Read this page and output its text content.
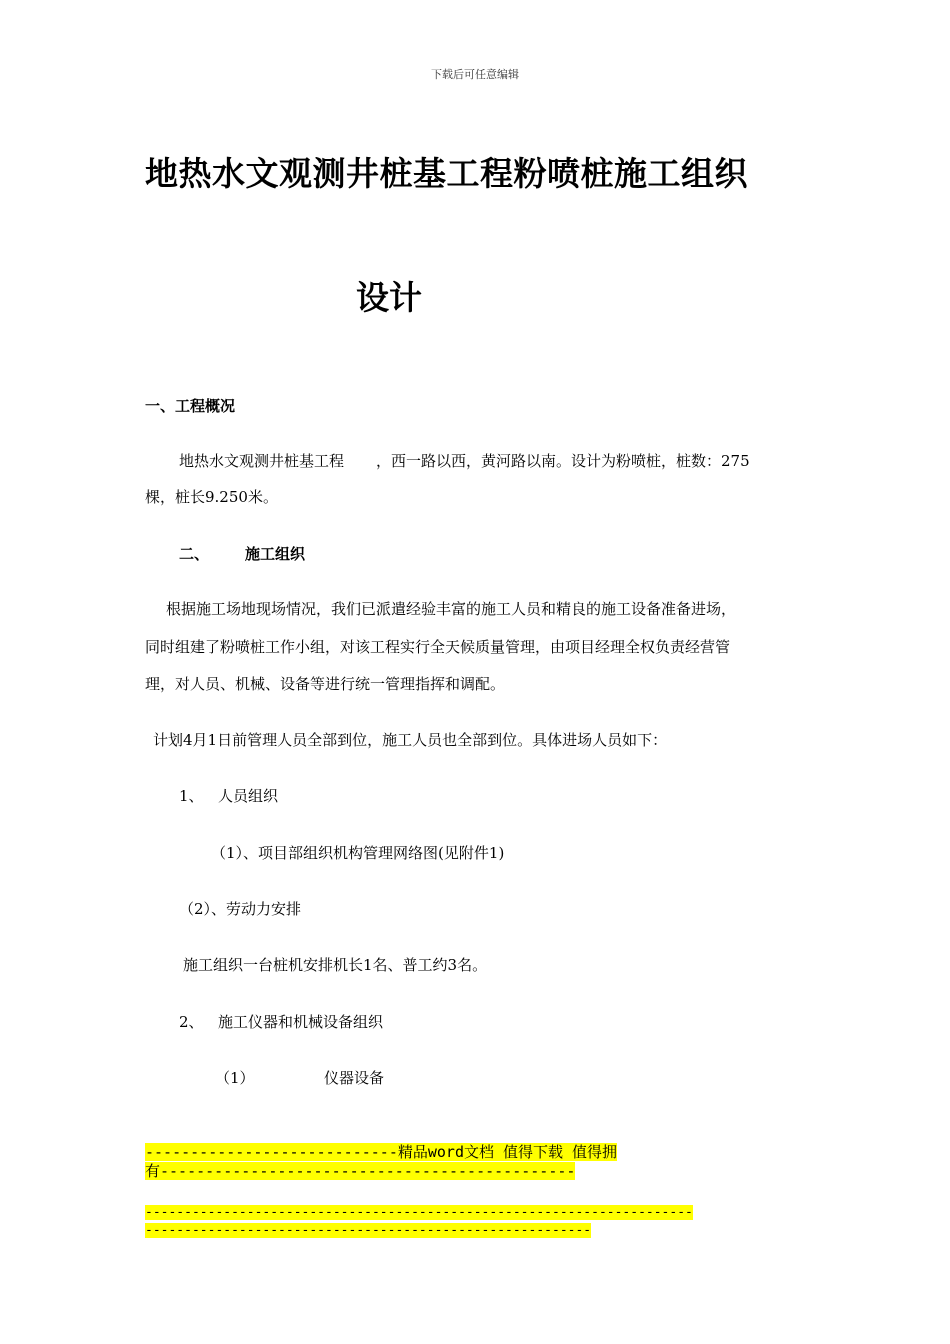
下载后可任意编辑
地热水文观测井桩基工程粉喷桩施工组织
设计
一、工程概况
地热水文观测井桩基工程 ，西一路以西，黄河路以南。设计为粉喷桩，桩数：275
棵，桩长9.250米。
二、 施工组织
根据施工场地现场情况，我们已派遣经验丰富的施工人员和精良的施工设备准备进场，
同时组建了粉喷桩工作小组，对该工程实行全天候质量管理，由项目经理全权负责经营管
理，对人员、机械、设备等进行统一管理指挥和调配。
计划4月1日前管理人员全部到位，施工人员也全部到位。具体进场人员如下：
1、 人员组织
（1）、项目部组织机构管理网络图(见附件1)
（2）、劳动力安排
施工组织一台桩机安排机长1名、普工约3名。
2、 施工仪器和机械设备组织
（1）	仪器设备
----------------------------精品word文档 值得下载 值得拥
有----------------------------------------------
----------------------------------------------------------------------
---------------------------------------------------------
